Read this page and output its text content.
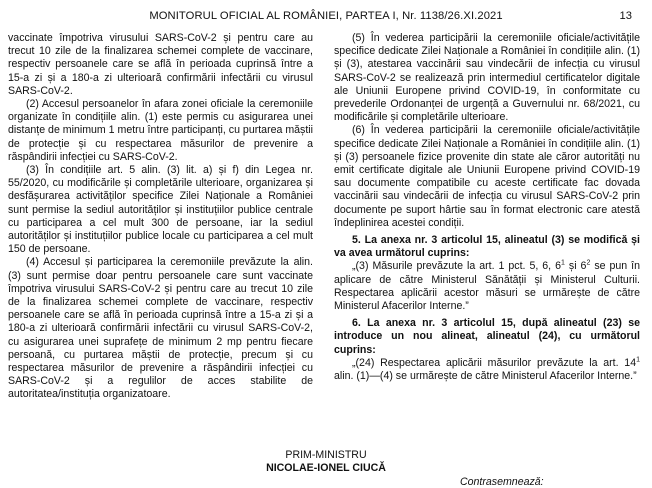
MONITORUL OFICIAL AL ROMÂNIEI, PARTEA I, Nr. 1138/26.XI.2021	13

vaccinate împotriva virusului SARS-CoV-2 și pentru care au trecut 10 zile de la finalizarea schemei complete de vaccinare, respectiv persoanele care se află în perioada cuprinsă între a 15-a zi și a 180-a zi ulterioară confirmării infectării cu virusul SARS-CoV-2.

(2) Accesul persoanelor în afara zonei oficiale la ceremoniile organizate în condițiile alin. (1) este permis cu asigurarea unei distanțe de minimum 1 metru între participanți, cu purtarea măștii de protecție și cu respectarea măsurilor de prevenire a răspândirii infecției cu SARS-CoV-2.

(3) În condițiile art. 5 alin. (3) lit. a) și f) din Legea nr. 55/2020, cu modificările și completările ulterioare, organizarea și desfășurarea activităților specifice Zilei Naționale a României sunt permise la sediul autorităților și instituțiilor publice centrale cu participarea a cel mult 300 de persoane, iar la sediul autorităților și instituțiilor publice locale cu participarea a cel mult 150 de persoane.

(4) Accesul și participarea la ceremoniile prevăzute la alin. (3) sunt permise doar pentru persoanele care sunt vaccinate împotriva virusului SARS-CoV-2 și pentru care au trecut 10 zile de la finalizarea schemei complete de vaccinare, respectiv persoanele care se află în perioada cuprinsă între a 15-a zi și a 180-a zi ulterioară confirmării infectării cu virusul SARS-CoV-2, cu asigurarea unei suprafețe de minimum 2 mp pentru fiecare persoană, cu purtarea măștii de protecție, precum și cu respectarea măsurilor de prevenire a răspândirii infecției cu SARS-CoV-2 și a regulilor de acces stabilite de autoritatea/instituția organizatoare.

(5) În vederea participării la ceremoniile oficiale/activitățile specifice dedicate Zilei Naționale a României în condițiile alin. (1) și (3), atestarea vaccinării sau vindecării de infecția cu virusul SARS-CoV-2 se realizează prin intermediul certificatelor digitale ale Uniunii Europene privind COVID-19, în conformitate cu prevederile Ordonanței de urgență a Guvernului nr. 68/2021, cu modificările și completările ulterioare.

(6) În vederea participării la ceremoniile oficiale/activitățile specifice dedicate Zilei Naționale a României în condițiile alin. (1) și (3) persoanele fizice provenite din state ale căror autorități nu emit certificate digitale ale Uniunii Europene privind COVID-19 sau documente compatibile cu aceste certificate fac dovada vaccinării sau vindecării de infecția cu virusul SARS-CoV-2 prin documente pe suport hârtie sau în format electronic care atestă îndeplinirea acestei condiții.

5. La anexa nr. 3 articolul 15, alineatul (3) se modifică și va avea următorul cuprins:

„(3) Măsurile prevăzute la art. 1 pct. 5, 6, $6^1$ și $6^2$ se pun în aplicare de către Ministerul Sănătății și Ministerul Culturii. Respectarea aplicării acestor măsuri se urmărește de către Ministerul Afacerilor Interne.”

6. La anexa nr. 3 articolul 15, după alineatul (23) se introduce un nou alineat, alineatul (24), cu următorul cuprins:

„(24) Respectarea aplicării măsurilor prevăzute la art. $14^1$ alin. (1)—(4) se urmărește de către Ministerul Afacerilor Interne.”

PRIM-MINISTRU
NICOLAE-IONEL CIUCĂ
Contrasemnează:
